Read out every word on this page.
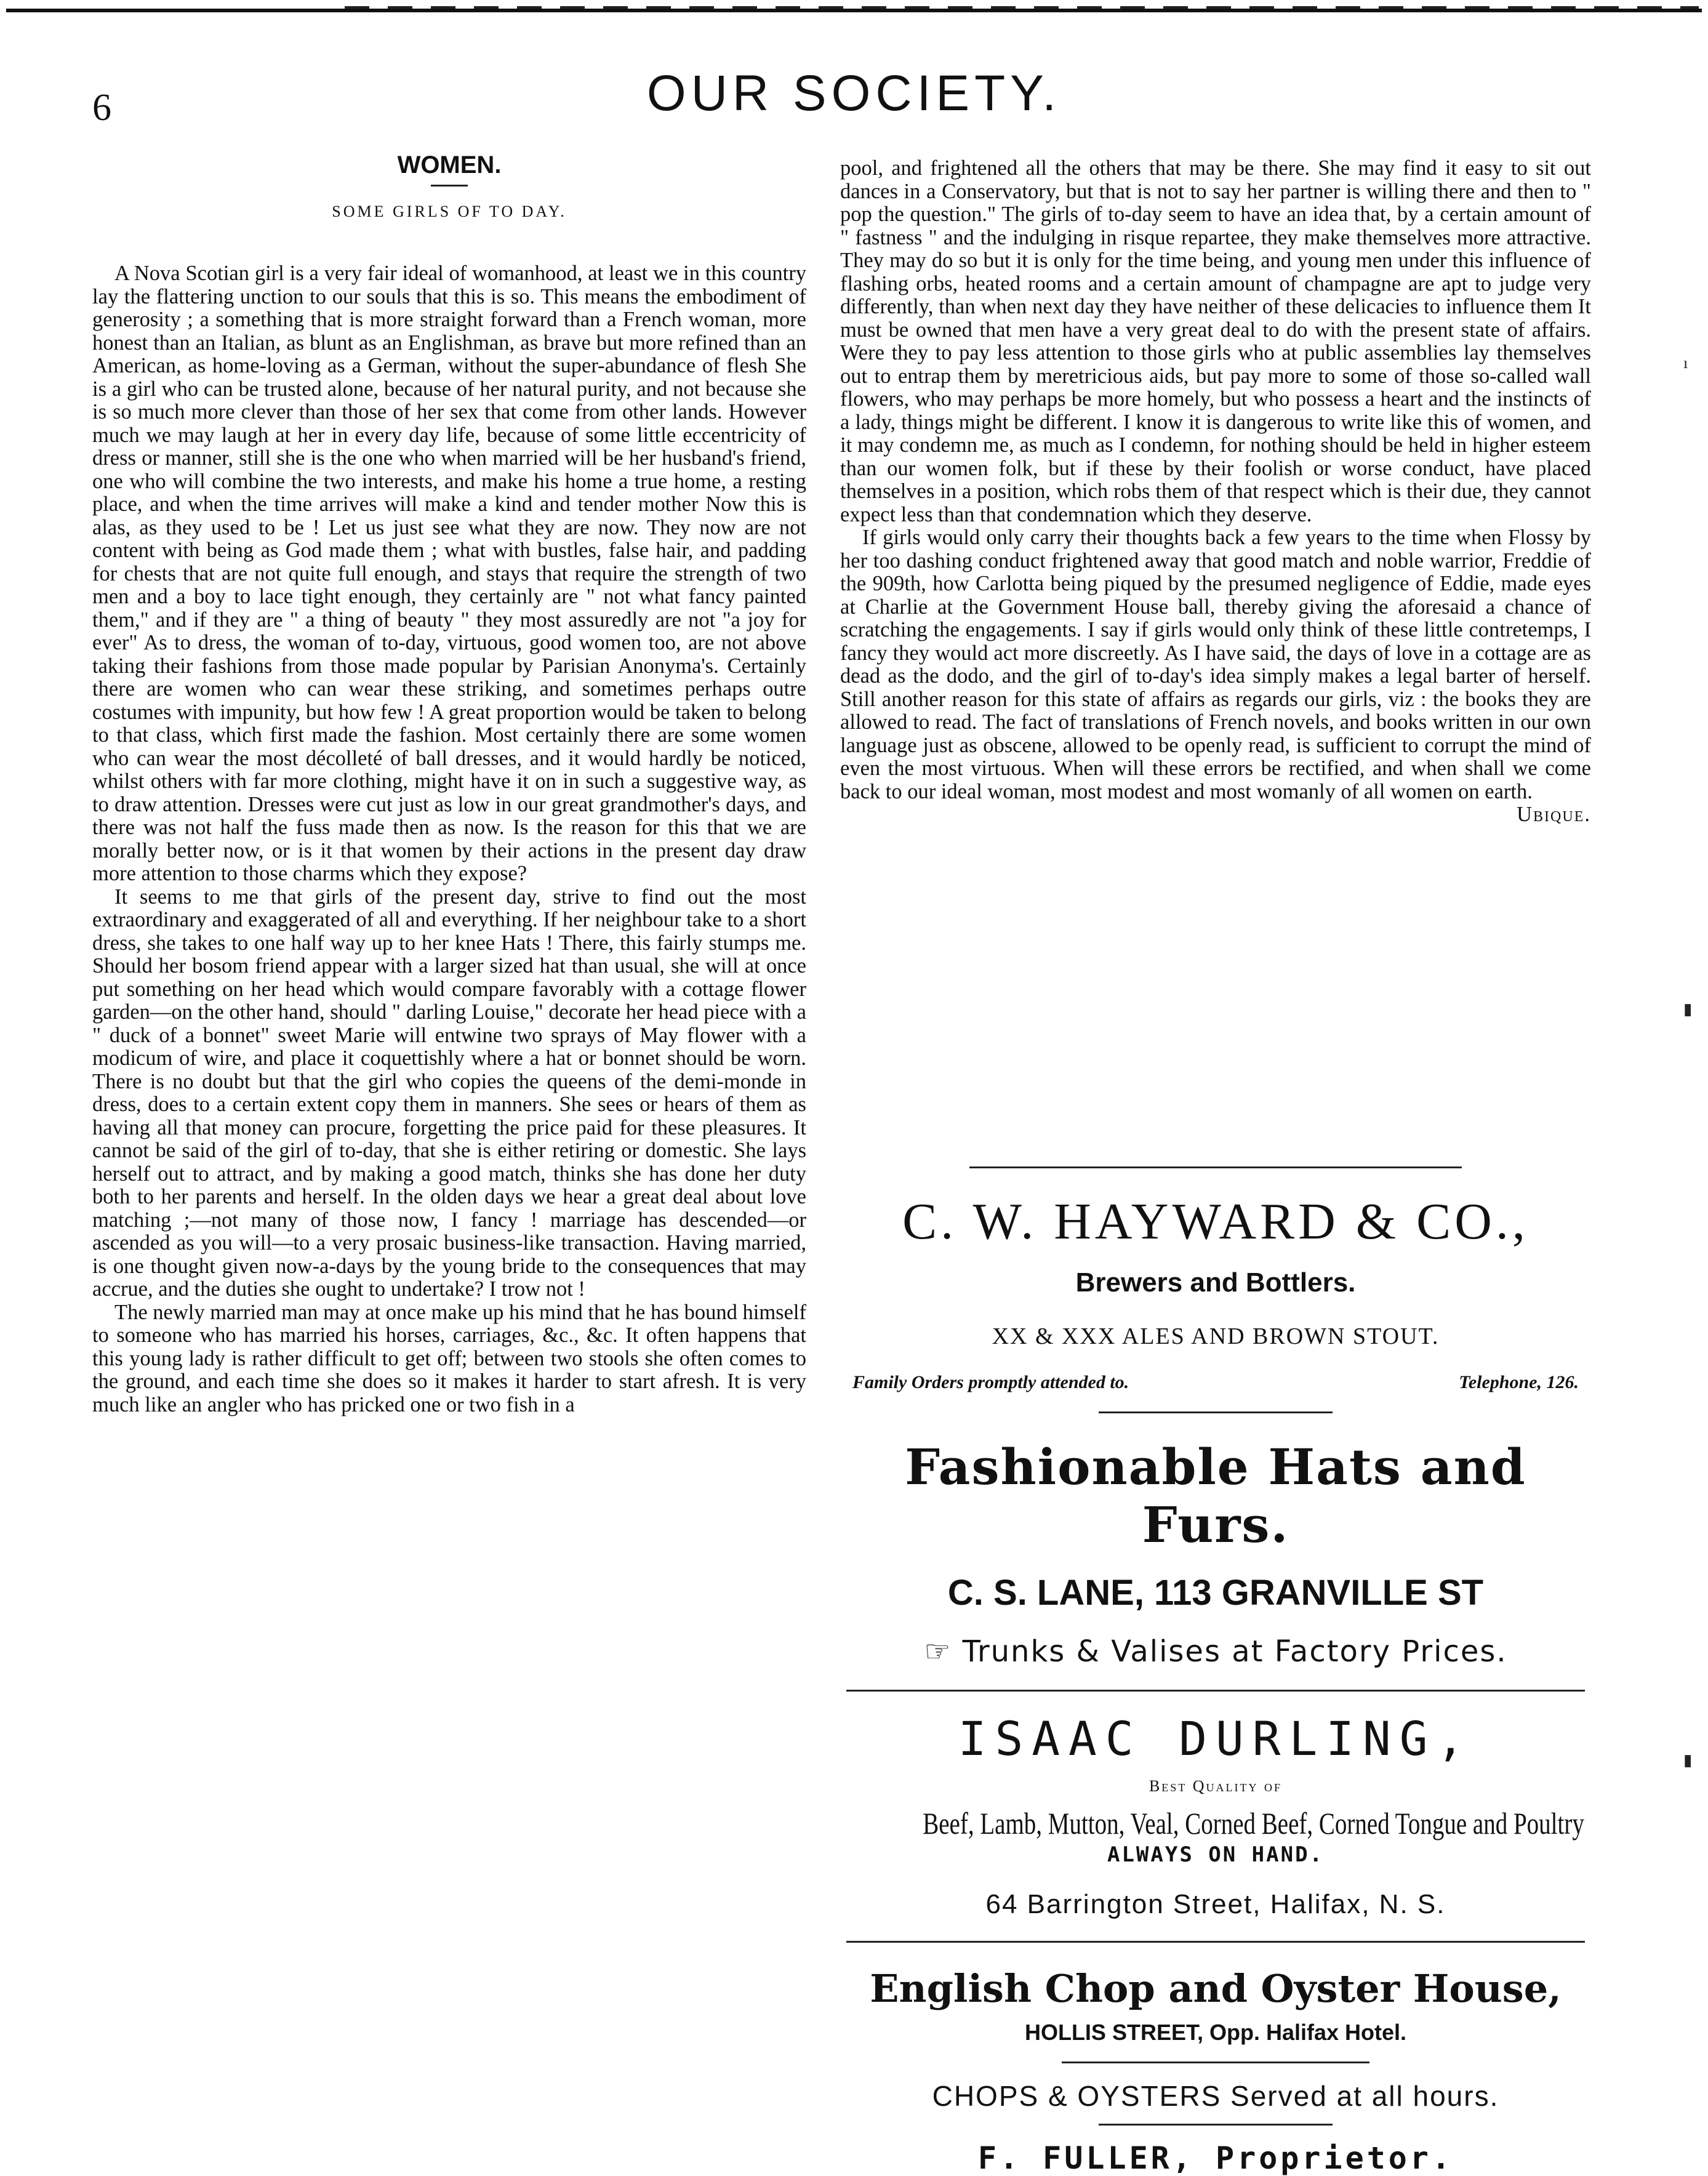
6	OUR SOCIETY.
WOMEN.
SOME GIRLS OF TO DAY.

A Nova Scotian girl is a very fair ideal of womanhood, at least we in this country lay the flattering unction to our souls that this is so. This means the embodiment of generosity ; a something that is more straight forward than a French woman, more honest than an Italian, as blunt as an Englishman, as brave but more refined than an American, as home-loving as a German, without the super-abundance of flesh She is a girl who can be trusted alone, because of her natural purity, and not because she is so much more clever than those of her sex that come from other lands. However much we may laugh at her in every day life, because of some little eccentricity of dress or manner, still she is the one who when married will be her husband's friend, one who will combine the two interests, and make his home a true home, a resting place, and when the time arrives will make a kind and tender mother Now this is alas, as they used to be ! Let us just see what they are now. They now are not content with being as God made them ; what with bustles, false hair, and padding for chests that are not quite full enough, and stays that require the strength of two men and a boy to lace tight enough, they certainly are " not what fancy painted them," and if they are " a thing of beauty " they most assuredly are not "a joy for ever" As to dress, the woman of to-day, virtuous, good women too, are not above taking their fashions from those made popular by Parisian Anonyma's. Certainly there are women who can wear these striking, and sometimes perhaps outre costumes with impunity, but how few ! A great proportion would be taken to belong to that class, which first made the fashion. Most certainly there are some women who can wear the most décolleté of ball dresses, and it would hardly be noticed, whilst others with far more clothing, might have it on in such a suggestive way, as to draw attention. Dresses were cut just as low in our great grandmother's days, and there was not half the fuss made then as now. Is the reason for this that we are morally better now, or is it that women by their actions in the present day draw more attention to those charms which they expose?

It seems to me that girls of the present day, strive to find out the most extraordinary and exaggerated of all and everything. If her neighbour take to a short dress, she takes to one half way up to her knee Hats ! There, this fairly stumps me. Should her bosom friend appear with a larger sized hat than usual, she will at once put something on her head which would compare favorably with a cottage flower garden—on the other hand, should " darling Louise," decorate her head piece with a " duck of a bonnet" sweet Marie will entwine two sprays of May flower with a modicum of wire, and place it coquettishly where a hat or bonnet should be worn. There is no doubt but that the girl who copies the queens of the demi-monde in dress, does to a certain extent copy them in manners. She sees or hears of them as having all that money can procure, forgetting the price paid for these pleasures. It cannot be said of the girl of to-day, that she is either retiring or domestic. She lays herself out to attract, and by making a good match, thinks she has done her duty both to her parents and herself. In the olden days we hear a great deal about love matching ;—not many of those now, I fancy ! marriage has descended—or ascended as you will—to a very prosaic business-like transaction. Having married, is one thought given now-a-days by the young bride to the consequences that may accrue, and the duties she ought to undertake? I trow not !

The newly married man may at once make up his mind that he has bound himself to someone who has married his horses, carriages, &c., &c. It often happens that this young lady is rather difficult to get off; between two stools she often comes to the ground, and each time she does so it makes it harder to start afresh. It is very much like an angler who has pricked one or two fish in a

pool, and frightened all the others that may be there. She may find it easy to sit out dances in a Conservatory, but that is not to say her partner is willing there and then to " pop the question." The girls of to-day seem to have an idea that, by a certain amount of " fastness " and the indulging in risque repartee, they make themselves more attractive. They may do so but it is only for the time being, and young men under this influence of flashing orbs, heated rooms and a certain amount of champagne are apt to judge very differently, than when next day they have neither of these delicacies to influence them It must be owned that men have a very great deal to do with the present state of affairs. Were they to pay less attention to those girls who at public assemblies lay themselves out to entrap them by meretricious aids, but pay more to some of those so-called wall flowers, who may perhaps be more homely, but who possess a heart and the instincts of a lady, things might be different. I know it is dangerous to write like this of women, and it may condemn me, as much as I condemn, for nothing should be held in higher esteem than our women folk, but if these by their foolish or worse conduct, have placed themselves in a position, which robs them of that respect which is their due, they cannot expect less than that condemnation which they deserve.

If girls would only carry their thoughts back a few years to the time when Flossy by her too dashing conduct frightened away that good match and noble warrior, Freddie of the 909th, how Carlotta being piqued by the presumed negligence of Eddie, made eyes at Charlie at the Government House ball, thereby giving the aforesaid a chance of scratching the engagements. I say if girls would only think of these little contretemps, I fancy they would act more discreetly. As I have said, the days of love in a cottage are as dead as the dodo, and the girl of to-day's idea simply makes a legal barter of herself. Still another reason for this state of affairs as regards our girls, viz : the books they are allowed to read. The fact of translations of French novels, and books written in our own language just as obscene, allowed to be openly read, is sufficient to corrupt the mind of even the most virtuous. When will these errors be rectified, and when shall we come back to our ideal woman, most modest and most womanly of all women on earth.
Ubique.

C. W. HAYWARD & CO.,
Brewers and Bottlers.
XX & XXX ALES AND BROWN STOUT.
Family Orders promptly attended to.	Telephone, 126.
Fashionable Hats and Furs.
C. S. LANE, 113 GRANVILLE ST
☞ Trunks & Valises at Factory Prices.
ISAAC DURLING,
Best Quality of
Beef, Lamb, Mutton, Veal, Corned Beef, Corned Tongue and Poultry
ALWAYS ON HAND.
64 Barrington Street, Halifax, N. S.
English Chop and Oyster House,
HOLLIS STREET, Opp. Halifax Hotel.
CHOPS & OYSTERS Served at all hours.
F. FULLER, Proprietor.
ı
▮
▮
